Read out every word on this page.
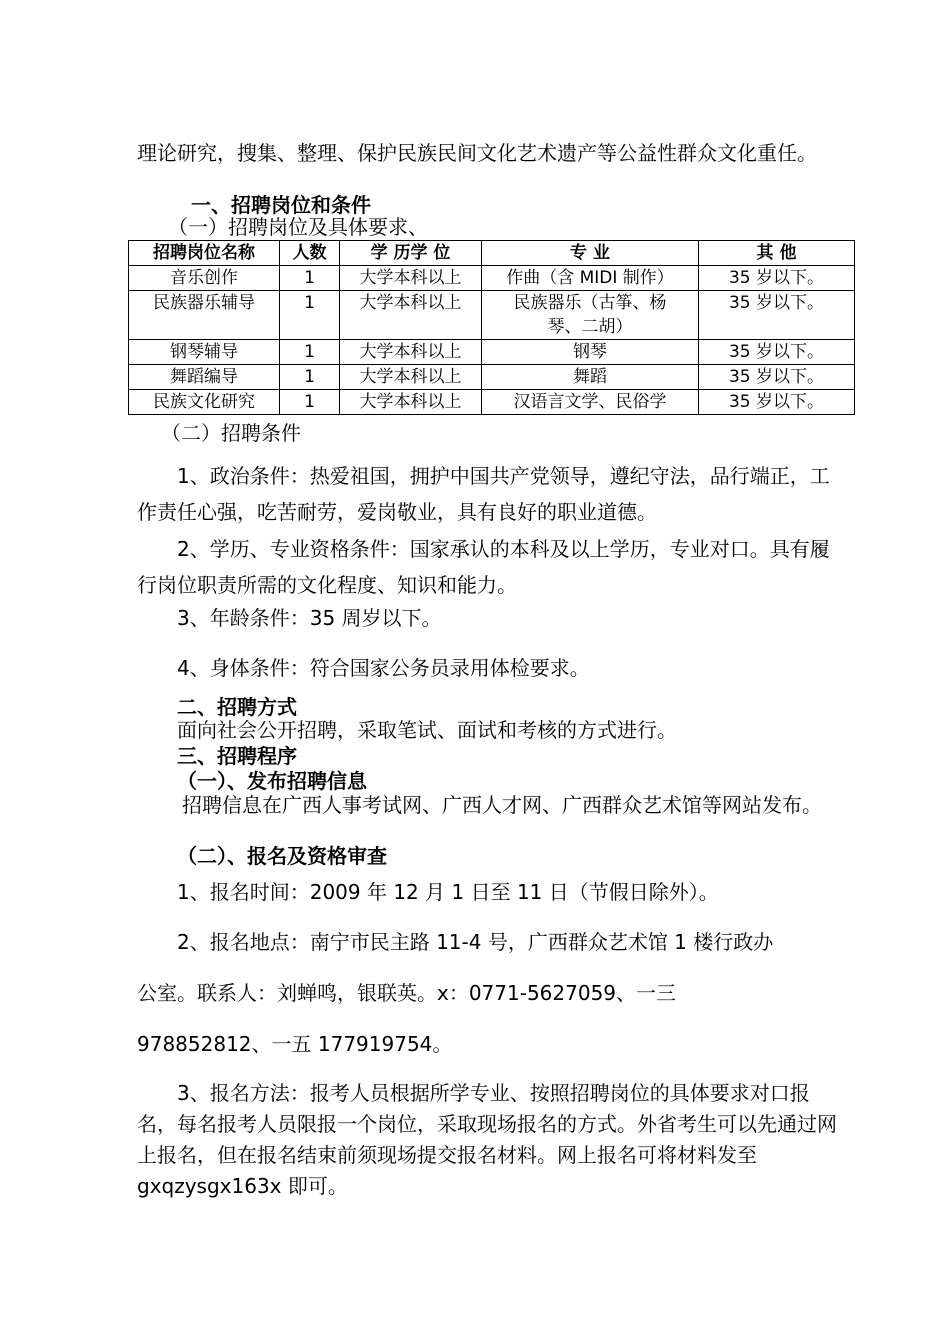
理论研究，搜集、整理、保护民族民间文化艺术遗产等公益性群众文化重任。
一、招聘岗位和条件
（一）招聘岗位及具体要求、
招聘岗位名称	人数	学 历学 位	专 业	其 他
音乐创作	1	大学本科以上	作曲（含 MIDI 制作）	35 岁以下。
民族器乐辅导	1	大学本科以上	民族器乐（古筝、杨琴、二胡）	35 岁以下。
钢琴辅导	1	大学本科以上	钢琴	35 岁以下。
舞蹈编导	1	大学本科以上	舞蹈	35 岁以下。
民族文化研究	1	大学本科以上	汉语言文学、民俗学	35 岁以下。
（二）招聘条件
1、政治条件：热爱祖国，拥护中国共产党领导，遵纪守法，品行端正，工作责任心强，吃苦耐劳，爱岗敬业，具有良好的职业道德。
2、学历、专业资格条件：国家承认的本科及以上学历，专业对口。具有履行岗位职责所需的文化程度、知识和能力。
3、年龄条件：35 周岁以下。
4、身体条件：符合国家公务员录用体检要求。
二、招聘方式
面向社会公开招聘，采取笔试、面试和考核的方式进行。
三、招聘程序
（一）、发布招聘信息
招聘信息在广西人事考试网、广西人才网、广西群众艺术馆等网站发布。
（二）、报名及资格审查
1、报名时间：2009 年 12 月 1 日至 11 日（节假日除外）。
2、报名地点：南宁市民主路 11-4 号，广西群众艺术馆 1 楼行政办
公室。联系人：刘蝉鸣，银联英。x：0771-5627059、一三
978852812、一五 177919754。
3、报名方法：报考人员根据所学专业、按照招聘岗位的具体要求对口报名，每名报考人员限报一个岗位，采取现场报名的方式。外省考生可以先通过网上报名，但在报名结束前须现场提交报名材料。网上报名可将材料发至 gxqzysgx163x 即可。
